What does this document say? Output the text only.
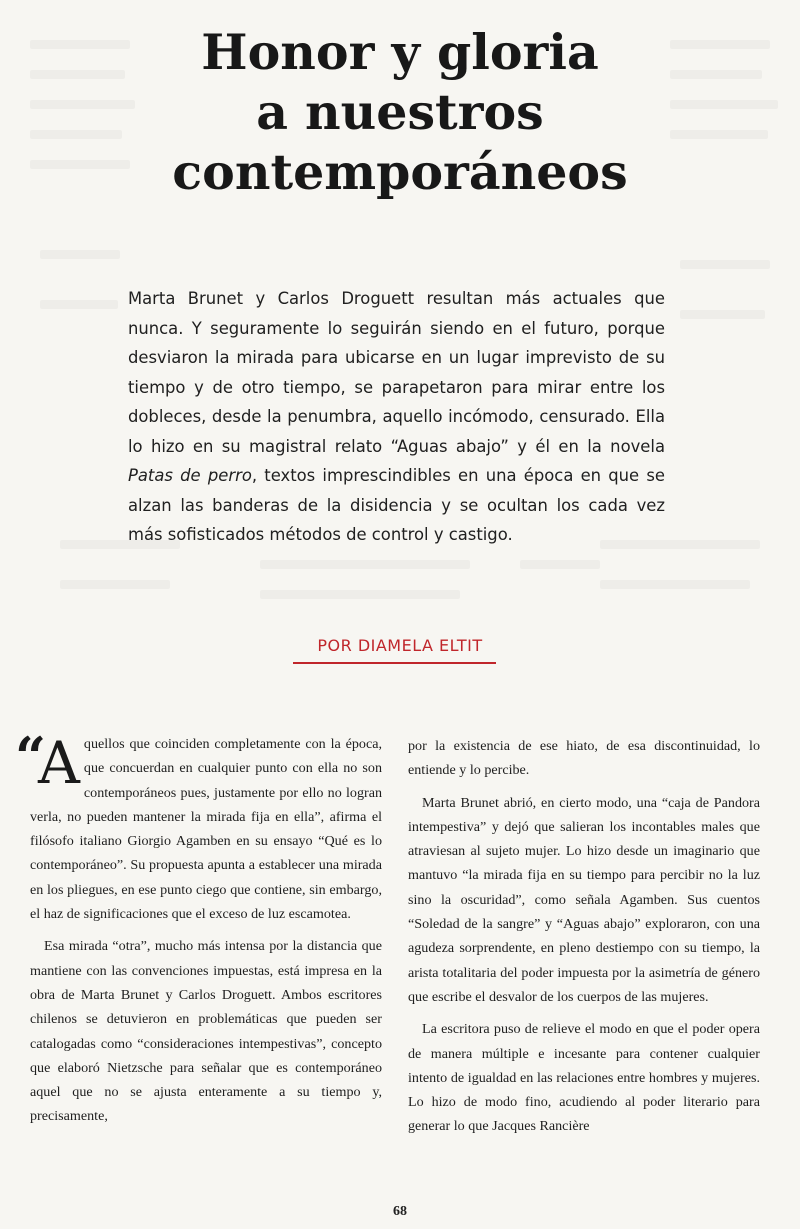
Honor y gloria
a nuestros
contemporáneos

Marta Brunet y Carlos Droguett resultan más actuales que nunca. Y seguramente lo seguirán siendo en el futuro, porque desviaron la mirada para ubicarse en un lugar imprevisto de su tiempo y de otro tiempo, se parapetaron para mirar entre los dobleces, desde la penumbra, aquello incómodo, censurado. Ella lo hizo en su magistral relato “Aguas abajo” y él en la novela Patas de perro, textos imprescindibles en una época en que se alzan las banderas de la disidencia y se ocultan los cada vez más sofisticados métodos de control y castigo.

POR DIAMELA ELTIT

“
A quellos que coinciden completamente con la época, que concuerdan en cualquier punto con ella no son contemporáneos pues, justamente por ello no logran verla, no pueden mantener la mirada fija en ella”, afirma el filósofo italiano Giorgio Agamben en su ensayo “Qué es lo contemporáneo”. Su propuesta apunta a establecer una mirada en los pliegues, en ese punto ciego que contiene, sin embargo, el haz de significaciones que el exceso de luz escamotea.

Esa mirada “otra”, mucho más intensa por la distancia que mantiene con las convenciones impuestas, está impresa en la obra de Marta Brunet y Carlos Droguett. Ambos escritores chilenos se detuvieron en problemáticas que pueden ser catalogadas como “consideraciones intempestivas”, concepto que elaboró Nietzsche para señalar que es contemporáneo aquel que no se ajusta enteramente a su tiempo y, precisamente,

por la existencia de ese hiato, de esa discontinuidad, lo entiende y lo percibe.

Marta Brunet abrió, en cierto modo, una “caja de Pandora intempestiva” y dejó que salieran los incontables males que atraviesan al sujeto mujer. Lo hizo desde un imaginario que mantuvo “la mirada fija en su tiempo para percibir no la luz sino la oscuridad”, como señala Agamben. Sus cuentos “Soledad de la sangre” y “Aguas abajo” exploraron, con una agudeza sorprendente, en pleno destiempo con su tiempo, la arista totalitaria del poder impuesta por la asimetría de género que escribe el desvalor de los cuerpos de las mujeres.

La escritora puso de relieve el modo en que el poder opera de manera múltiple e incesante para contener cualquier intento de igualdad en las relaciones entre hombres y mujeres. Lo hizo de modo fino, acudiendo al poder literario para generar lo que Jacques Rancière

68
